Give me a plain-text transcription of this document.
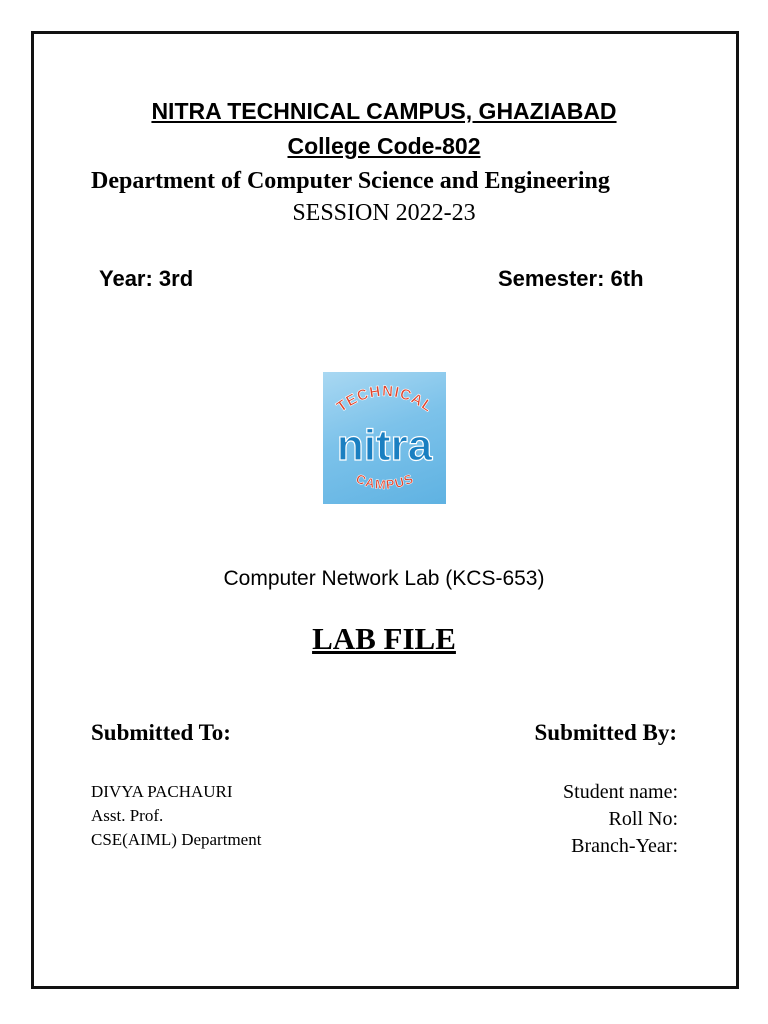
NITRA TECHNICAL CAMPUS, GHAZIABAD

College Code-802

Department of Computer Science and Engineering

SESSION 2022-23

Year: 3rd	Semester: 6th

TECHNICAL
nitra
CAMPUS

Computer Network Lab (KCS-653)

LAB FILE

Submitted To:	Submitted By:

DIVYA PACHAURI
Asst. Prof.
CSE(AIML) Department
Student name:
Roll No:
Branch-Year:
